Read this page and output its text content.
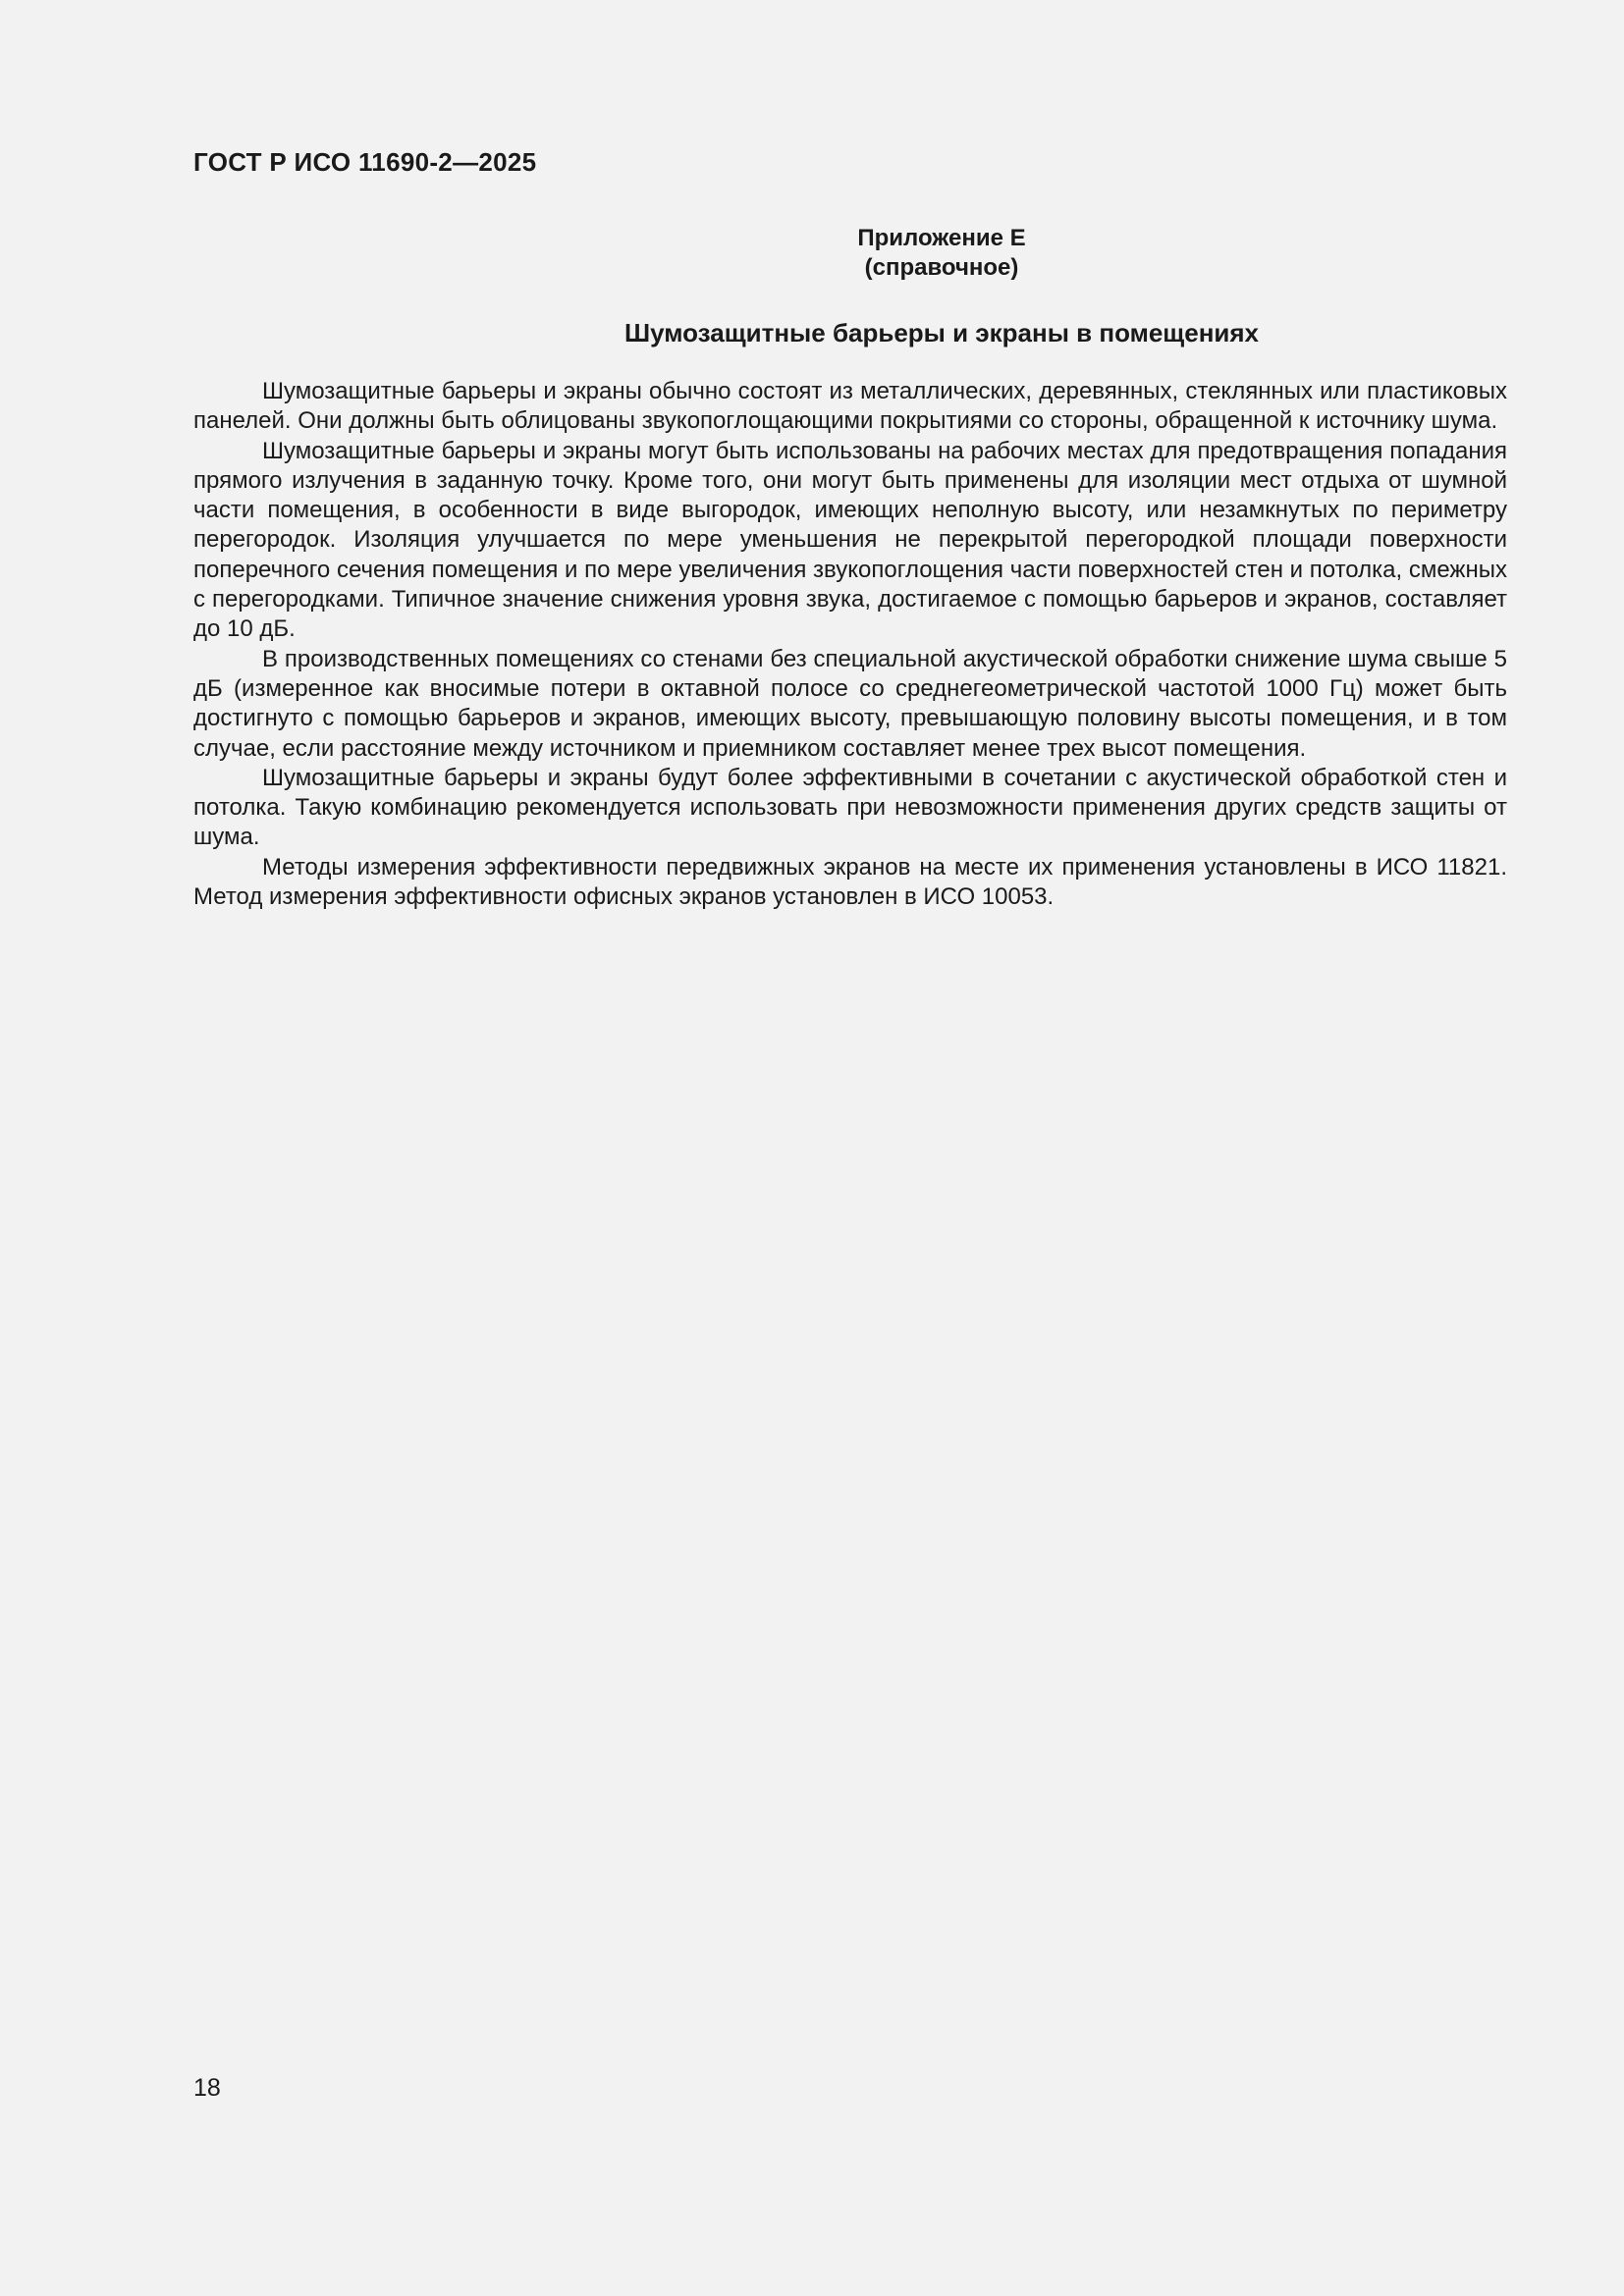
ГОСТ Р ИСО 11690-2—2025
Приложение Е
(справочное)
Шумозащитные барьеры и экраны в помещениях

Шумозащитные барьеры и экраны обычно состоят из металлических, деревянных, стеклянных или пластиковых панелей. Они должны быть облицованы звукопоглощающими покрытиями со стороны, обращенной к источнику шума.

Шумозащитные барьеры и экраны могут быть использованы на рабочих местах для предотвращения попадания прямого излучения в заданную точку. Кроме того, они могут быть применены для изоляции мест отдыха от шумной части помещения, в особенности в виде выгородок, имеющих неполную высоту, или незамкнутых по периметру перегородок. Изоляция улучшается по мере уменьшения не перекрытой перегородкой площади поверхности поперечного сечения помещения и по мере увеличения звукопоглощения части поверхностей стен и потолка, смежных с перегородками. Типичное значение снижения уровня звука, достигаемое с помощью барьеров и экранов, составляет до 10 дБ.

В производственных помещениях со стенами без специальной акустической обработки снижение шума свыше 5 дБ (измеренное как вносимые потери в октавной полосе со среднегеометрической частотой 1000 Гц) может быть достигнуто с помощью барьеров и экранов, имеющих высоту, превышающую половину высоты помещения, и в том случае, если расстояние между источником и приемником составляет менее трех высот помещения.

Шумозащитные барьеры и экраны будут более эффективными в сочетании с акустической обработкой стен и потолка. Такую комбинацию рекомендуется использовать при невозможности применения других средств защиты от шума.

Методы измерения эффективности передвижных экранов на месте их применения установлены в ИСО 11821. Метод измерения эффективности офисных экранов установлен в ИСО 10053.

18
